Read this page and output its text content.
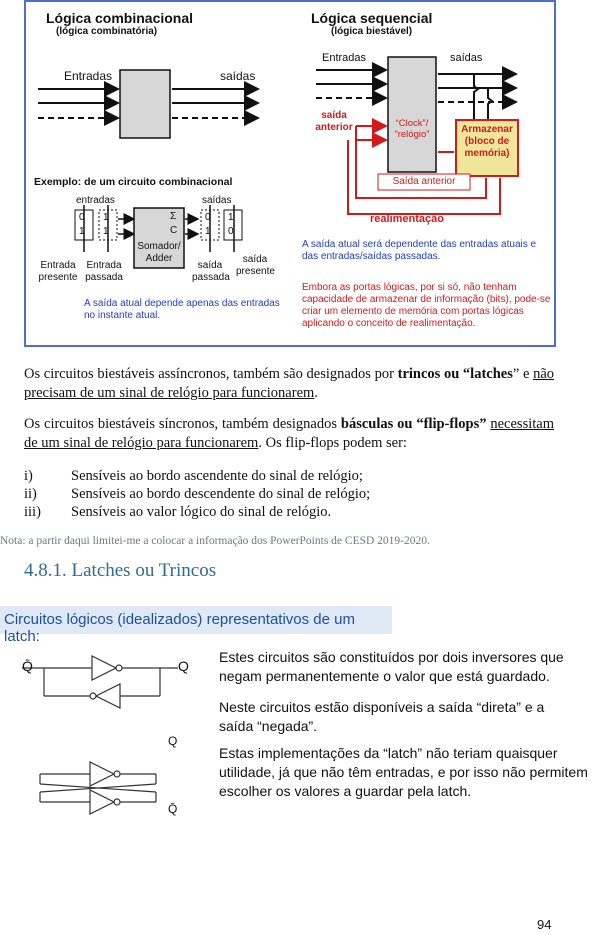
Lógica combinacional
(lógica combinatória)
Lógica sequencial
(lógica biestável)
Entradas	saídas
Entradas	saídas
saída anterior	“Clock”/ “relógio”	Armazenar (bloco de memória)
Saída anterior
realimentação
Exemplo: de um circuito combinacional
entradas	saídas
0
1
1
1
Σ
C
0
1
1
0
Somador/ Adder
Entrada presente
Entrada passada
saída passada
saída presente
A saída atual depende apenas das entradas no instante atual.
A saída atual será dependente das entradas atuais e das entradas/saídas passadas.
Embora as portas lógicas, por si só, não tenham capacidade de armazenar de informação (bits), pode-se criar um elemento de memória com portas lógicas aplicando o conceito de realimentação.
Os circuitos biestáveis assíncronos, também são designados por trincos ou “latches” e não precisam de um sinal de relógio para funcionarem.
Os circuitos biestáveis síncronos, também designados básculas ou “flip-flops” necessitam de um sinal de relógio para funcionarem. Os flip-flops podem ser:
i)	Sensíveis ao bordo ascendente do sinal de relógio;
ii) Sensíveis ao bordo descendente do sinal de relógio;
iii) Sensíveis ao valor lógico do sinal de relógio.
Nota: a partir daqui limitei-me a colocar a informação dos PowerPoints de CESD 2019-2020.
4.8.1. Latches ou Trincos
Circuitos lógicos (idealizados) representativos de um latch:
Q̄	Q
Q
Q̄
Estes circuitos são constituídos por dois inversores que negam permanentemente o valor que está guardado.
Neste circuitos estão disponíveis a saída “direta” e a saída “negada”.
Estas implementações da “latch” não teriam quaisquer utilidade, já que não têm entradas, e por isso não permitem escolher os valores a guardar pela latch.
94
